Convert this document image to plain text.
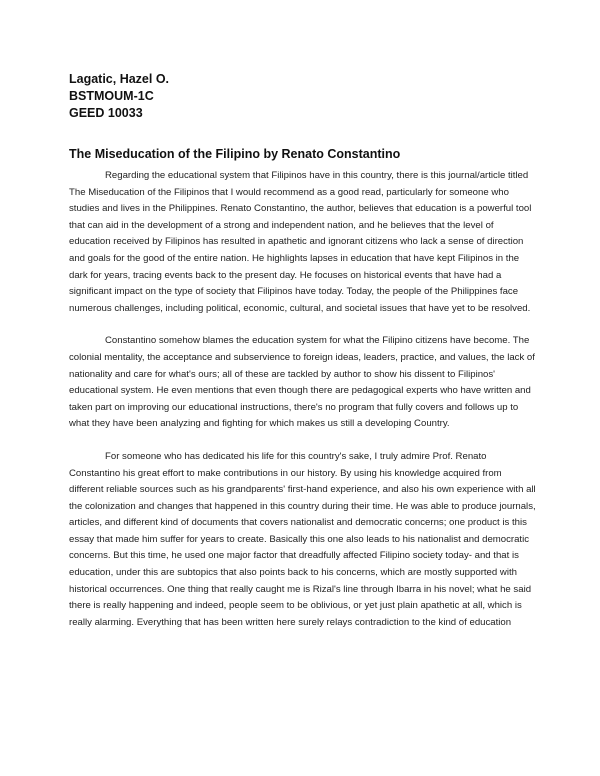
Lagatic, Hazel O.
BSTMOUM-1C
GEED 10033
The Miseducation of the Filipino by Renato Constantino

Regarding the educational system that Filipinos have in this country, there is this journal/article titled The Miseducation of the Filipinos that I would recommend as a good read, particularly for someone who studies and lives in the Philippines. Renato Constantino, the author, believes that education is a powerful tool that can aid in the development of a strong and independent nation, and he believes that the level of education received by Filipinos has resulted in apathetic and ignorant citizens who lack a sense of direction and goals for the good of the entire nation. He highlights lapses in education that have kept Filipinos in the dark for years, tracing events back to the present day. He focuses on historical events that have had a significant impact on the type of society that Filipinos have today. Today, the people of the Philippines face numerous challenges, including political, economic, cultural, and societal issues that have yet to be resolved.

Constantino somehow blames the education system for what the Filipino citizens have become. The colonial mentality, the acceptance and subservience to foreign ideas, leaders, practice, and values, the lack of nationality and care for what's ours; all of these are tackled by author to show his dissent to Filipinos' educational system. He even mentions that even though there are pedagogical experts who have written and taken part on improving our educational instructions, there's no program that fully covers and follows up to what they have been analyzing and fighting for which makes us still a developing Country.

For someone who has dedicated his life for this country's sake, I truly admire Prof. Renato Constantino his great effort to make contributions in our history. By using his knowledge acquired from different reliable sources such as his grandparents' first-hand experience, and also his own experience with all the colonization and changes that happened in this country during their time. He was able to produce journals, articles, and different kind of documents that covers nationalist and democratic concerns; one product is this essay that made him suffer for years to create. Basically this one also leads to his nationalist and democratic concerns. But this time, he used one major factor that dreadfully affected Filipino society today- and that is education, under this are subtopics that also points back to his concerns, which are mostly supported with historical occurrences. One thing that really caught me is Rizal's line through Ibarra in his novel; what he said there is really happening and indeed, people seem to be oblivious, or yet just plain apathetic at all, which is really alarming. Everything that has been written here surely relays contradiction to the kind of education
